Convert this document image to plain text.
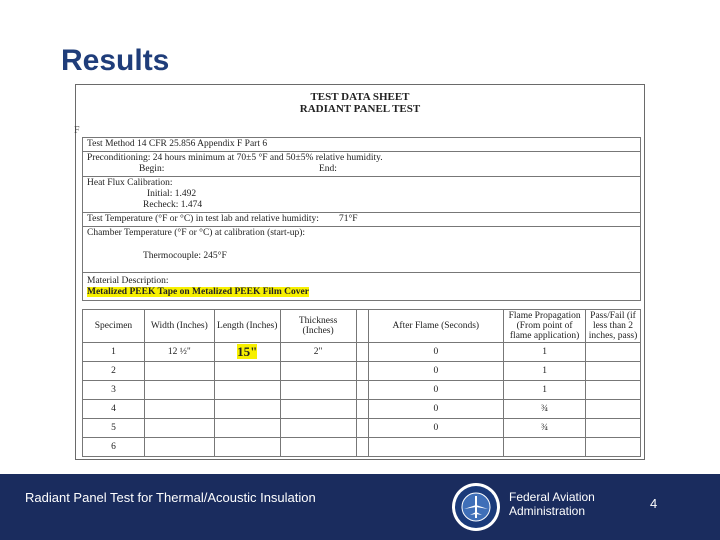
Results
TEST DATA SHEET
RADIANT PANEL TEST
F
Test Method 14 CFR 25.856 Appendix F Part 6
Preconditioning: 24 hours minimum at 70±5 °F and 50±5% relative humidity.
Begin:	End:
Heat Flux Calibration:
Initial: 1.492
Recheck: 1.474
Test Temperature (°F or °C) in test lab and relative humidity: 71°F
Chamber Temperature (°F or °C) at calibration (start-up):
Thermocouple: 245°F
Material Description:
Metalized PEEK Tape on Metalized PEEK Film Cover
Specimen	Width (Inches)	Length (Inches)	Thickness (Inches)		After Flame (Seconds)	Flame Propagation (From point of flame application)	Pass/Fail (if less than 2 inches, pass)
1	12 ½"	15"	2"		0	1	
2					0	1	
3					0	1	
4					0	¾	
5					0	¾	
6							
Radiant Panel Test for Thermal/Acoustic Insulation	Federal Aviation
Administration	4
